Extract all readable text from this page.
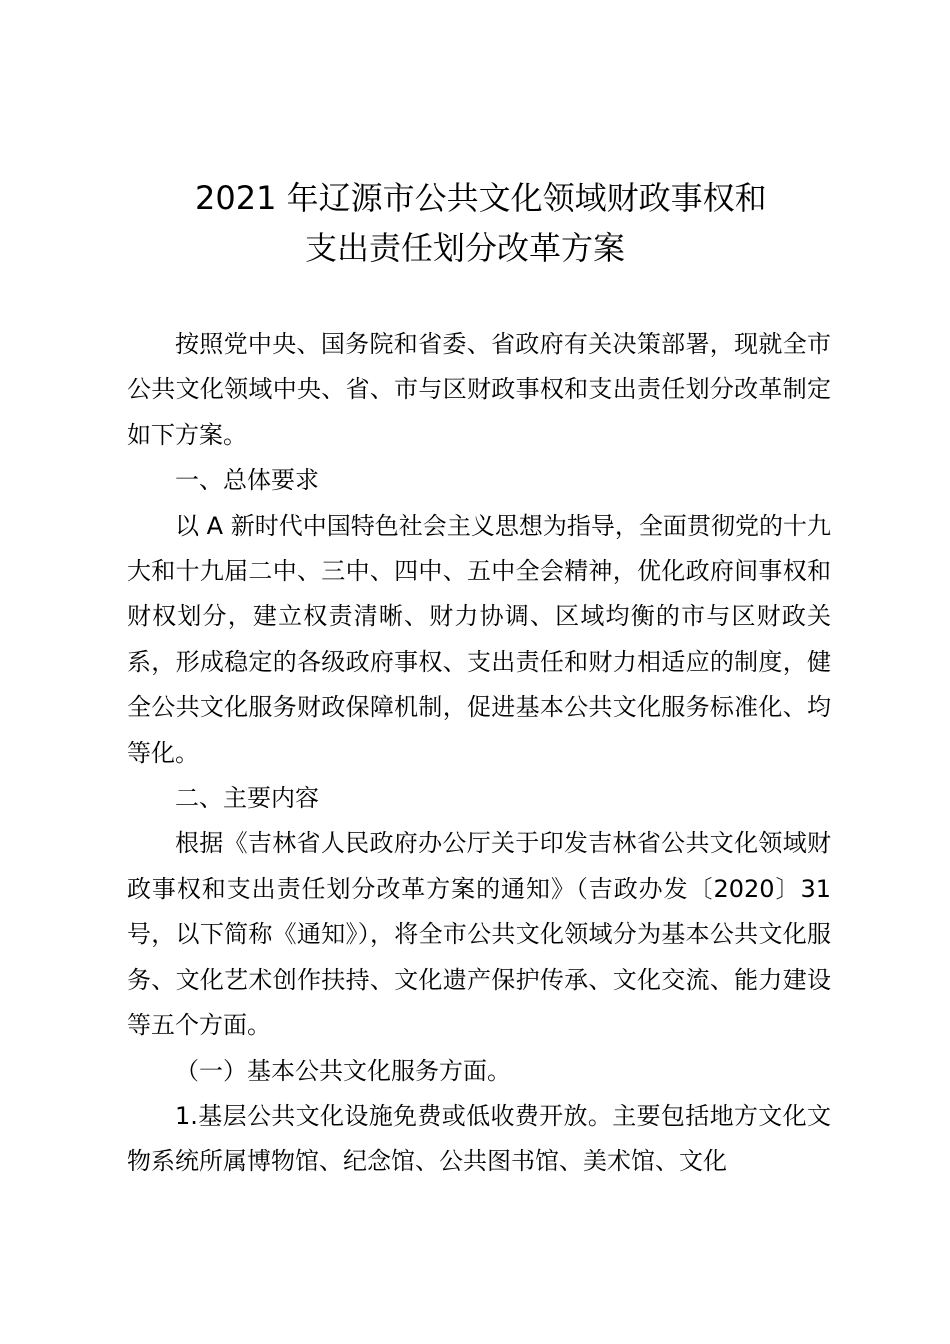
2021 年辽源市公共文化领域财政事权和
支出责任划分改革方案

按照党中央、国务院和省委、省政府有关决策部署，现就全市公共文化领域中央、省、市与区财政事权和支出责任划分改革制定如下方案。

一、总体要求

以 A 新时代中国特色社会主义思想为指导，全面贯彻党的十九大和十九届二中、三中、四中、五中全会精神，优化政府间事权和财权划分，建立权责清晰、财力协调、区域均衡的市与区财政关系，形成稳定的各级政府事权、支出责任和财力相适应的制度，健全公共文化服务财政保障机制，促进基本公共文化服务标准化、均等化。

二、主要内容

根据《吉林省人民政府办公厅关于印发吉林省公共文化领域财政事权和支出责任划分改革方案的通知》（吉政办发〔2020〕31 号，以下简称《通知》），将全市公共文化领域分为基本公共文化服务、文化艺术创作扶持、文化遗产保护传承、文化交流、能力建设等五个方面。

（一）基本公共文化服务方面。

1.基层公共文化设施免费或低收费开放。主要包括地方文化文物系统所属博物馆、纪念馆、公共图书馆、美术馆、文化
